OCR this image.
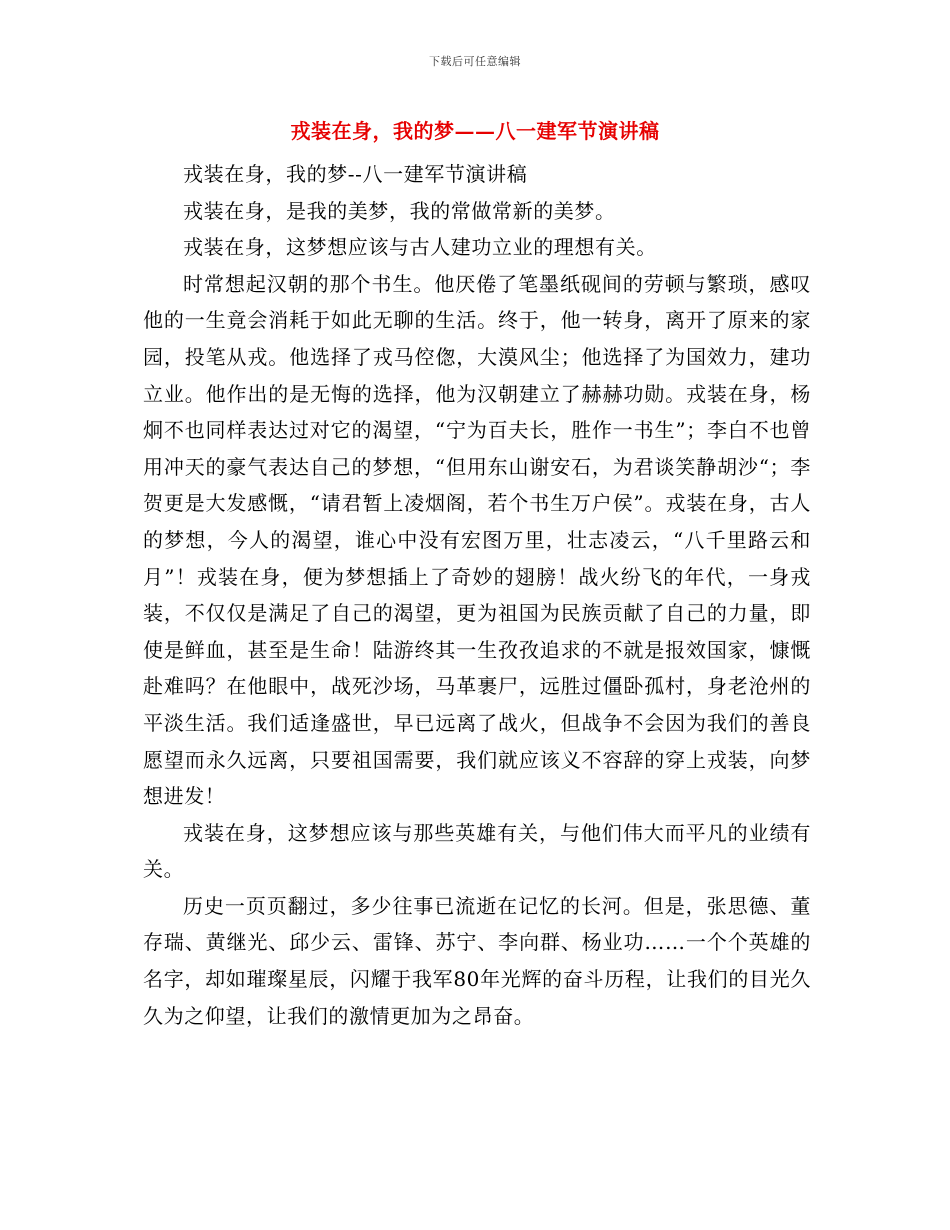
下载后可任意编辑
戎装在身，我的梦——八一建军节演讲稿

戎装在身，我的梦--八一建军节演讲稿

戎装在身，是我的美梦，我的常做常新的美梦。

戎装在身，这梦想应该与古人建功立业的理想有关。

时常想起汉朝的那个书生。他厌倦了笔墨纸砚间的劳顿与繁琐，感叹他的一生竟会消耗于如此无聊的生活。终于，他一转身，离开了原来的家园，投笔从戎。他选择了戎马倥偬，大漠风尘；他选择了为国效力，建功立业。他作出的是无悔的选择，他为汉朝建立了赫赫功勋。戎装在身，杨炯不也同样表达过对它的渴望，“宁为百夫长，胜作一书生”；李白不也曾用冲天的豪气表达自己的梦想，“但用东山谢安石，为君谈笑静胡沙“；李贺更是大发感慨，“请君暂上凌烟阁，若个书生万户侯”。戎装在身，古人的梦想，今人的渴望，谁心中没有宏图万里，壮志凌云，“八千里路云和月”！戎装在身，便为梦想插上了奇妙的翅膀！战火纷飞的年代，一身戎装，不仅仅是满足了自己的渴望，更为祖国为民族贡献了自己的力量，即使是鲜血，甚至是生命！陆游终其一生孜孜追求的不就是报效国家，慷慨赴难吗？在他眼中，战死沙场，马革裹尸，远胜过僵卧孤村，身老沧州的平淡生活。我们适逢盛世，早已远离了战火，但战争不会因为我们的善良愿望而永久远离，只要祖国需要，我们就应该义不容辞的穿上戎装，向梦想进发！

戎装在身，这梦想应该与那些英雄有关，与他们伟大而平凡的业绩有关。

历史一页页翻过，多少往事已流逝在记忆的长河。但是，张思德、董存瑞、黄继光、邱少云、雷锋、苏宁、李向群、杨业功……一个个英雄的名字，却如璀璨星辰，闪耀于我军80年光辉的奋斗历程，让我们的目光久久为之仰望，让我们的激情更加为之昂奋。
